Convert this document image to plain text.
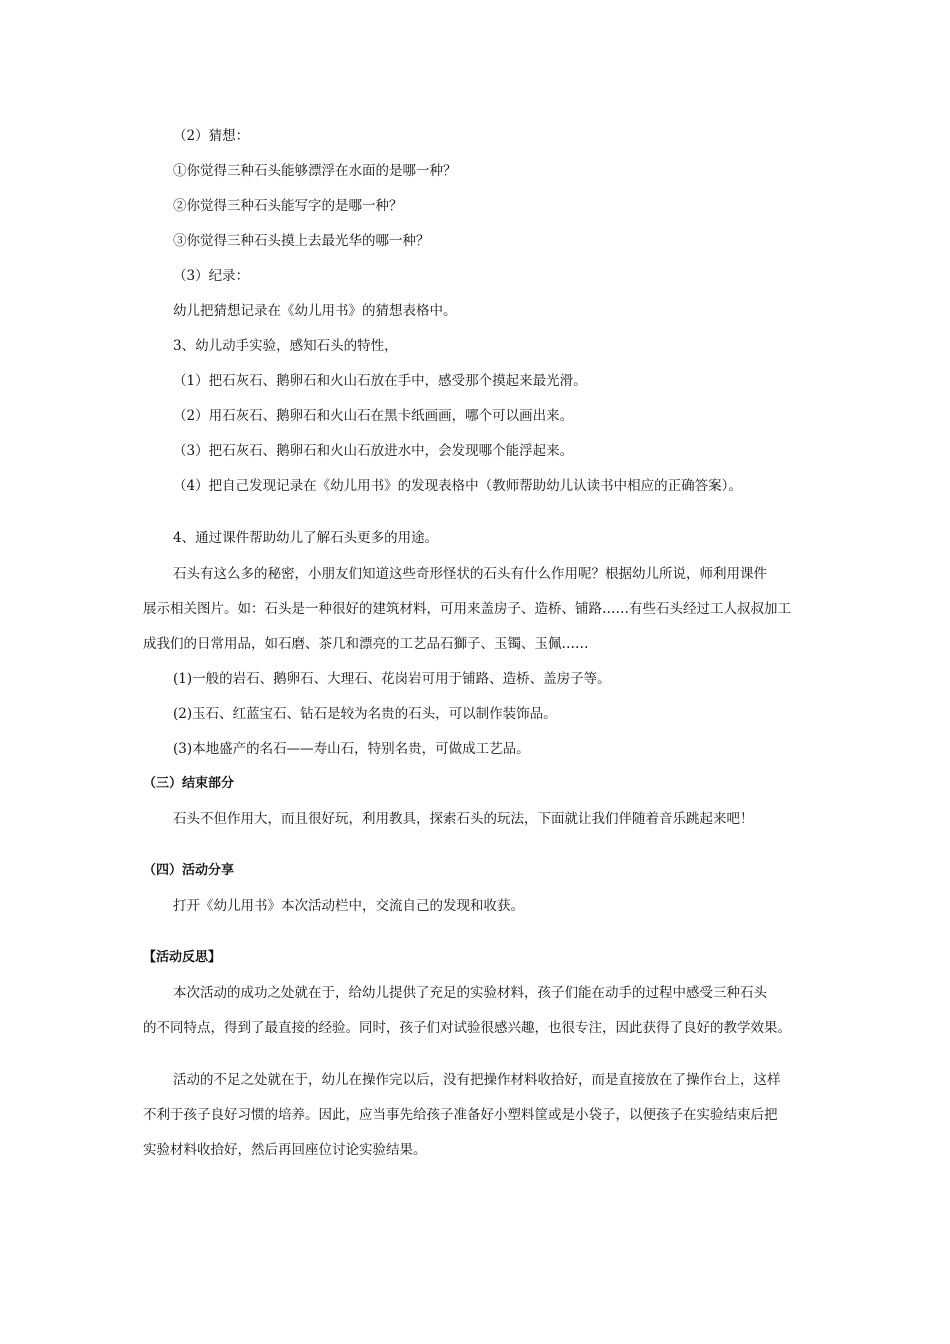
（2）猜想：
①你觉得三种石头能够漂浮在水面的是哪一种？
②你觉得三种石头能写字的是哪一种？
③你觉得三种石头摸上去最光华的哪一种？
（3）纪录：
幼儿把猜想记录在《幼儿用书》的猜想表格中。
3、幼儿动手实验，感知石头的特性，
（1）把石灰石、鹅卵石和火山石放在手中，感受那个摸起来最光滑。
（2）用石灰石、鹅卵石和火山石在黑卡纸画画，哪个可以画出来。
（3）把石灰石、鹅卵石和火山石放进水中，会发现哪个能浮起来。
（4）把自己发现记录在《幼儿用书》的发现表格中（教师帮助幼儿认读书中相应的正确答案）。
4、通过课件帮助幼儿了解石头更多的用途。
石头有这么多的秘密，小朋友们知道这些奇形怪状的石头有什么作用呢？根据幼儿所说，师利用课件
展示相关图片。如：石头是一种很好的建筑材料，可用来盖房子、造桥、铺路……有些石头经过工人叔叔加工
成我们的日常用品，如石磨、茶几和漂亮的工艺品石獅子、玉镯、玉佩……
(1)一般的岩石、鹅卵石、大理石、花岗岩可用于铺路、造桥、盖房子等。
(2)玉石、红蓝宝石、钻石是较为名贵的石头，可以制作装饰品。
(3)本地盛产的名石——寿山石，特别名贵，可做成工艺品。
（三）结束部分
石头不但作用大，而且很好玩，利用教具，探索石头的玩法，下面就让我们伴随着音乐跳起来吧！
（四）活动分享
打开《幼儿用书》本次活动栏中，交流自己的发现和收获。
【活动反思】
本次活动的成功之处就在于，给幼儿提供了充足的实验材料，孩子们能在动手的过程中感受三种石头
的不同特点，得到了最直接的经验。同时，孩子们对试验很感兴趣，也很专注，因此获得了良好的教学效果。
活动的不足之处就在于，幼儿在操作完以后，没有把操作材料收拾好，而是直接放在了操作台上，这样
不利于孩子良好习惯的培养。因此，应当事先给孩子准备好小塑料筐或是小袋子，以便孩子在实验结束后把
实验材料收拾好，然后再回座位讨论实验结果。
